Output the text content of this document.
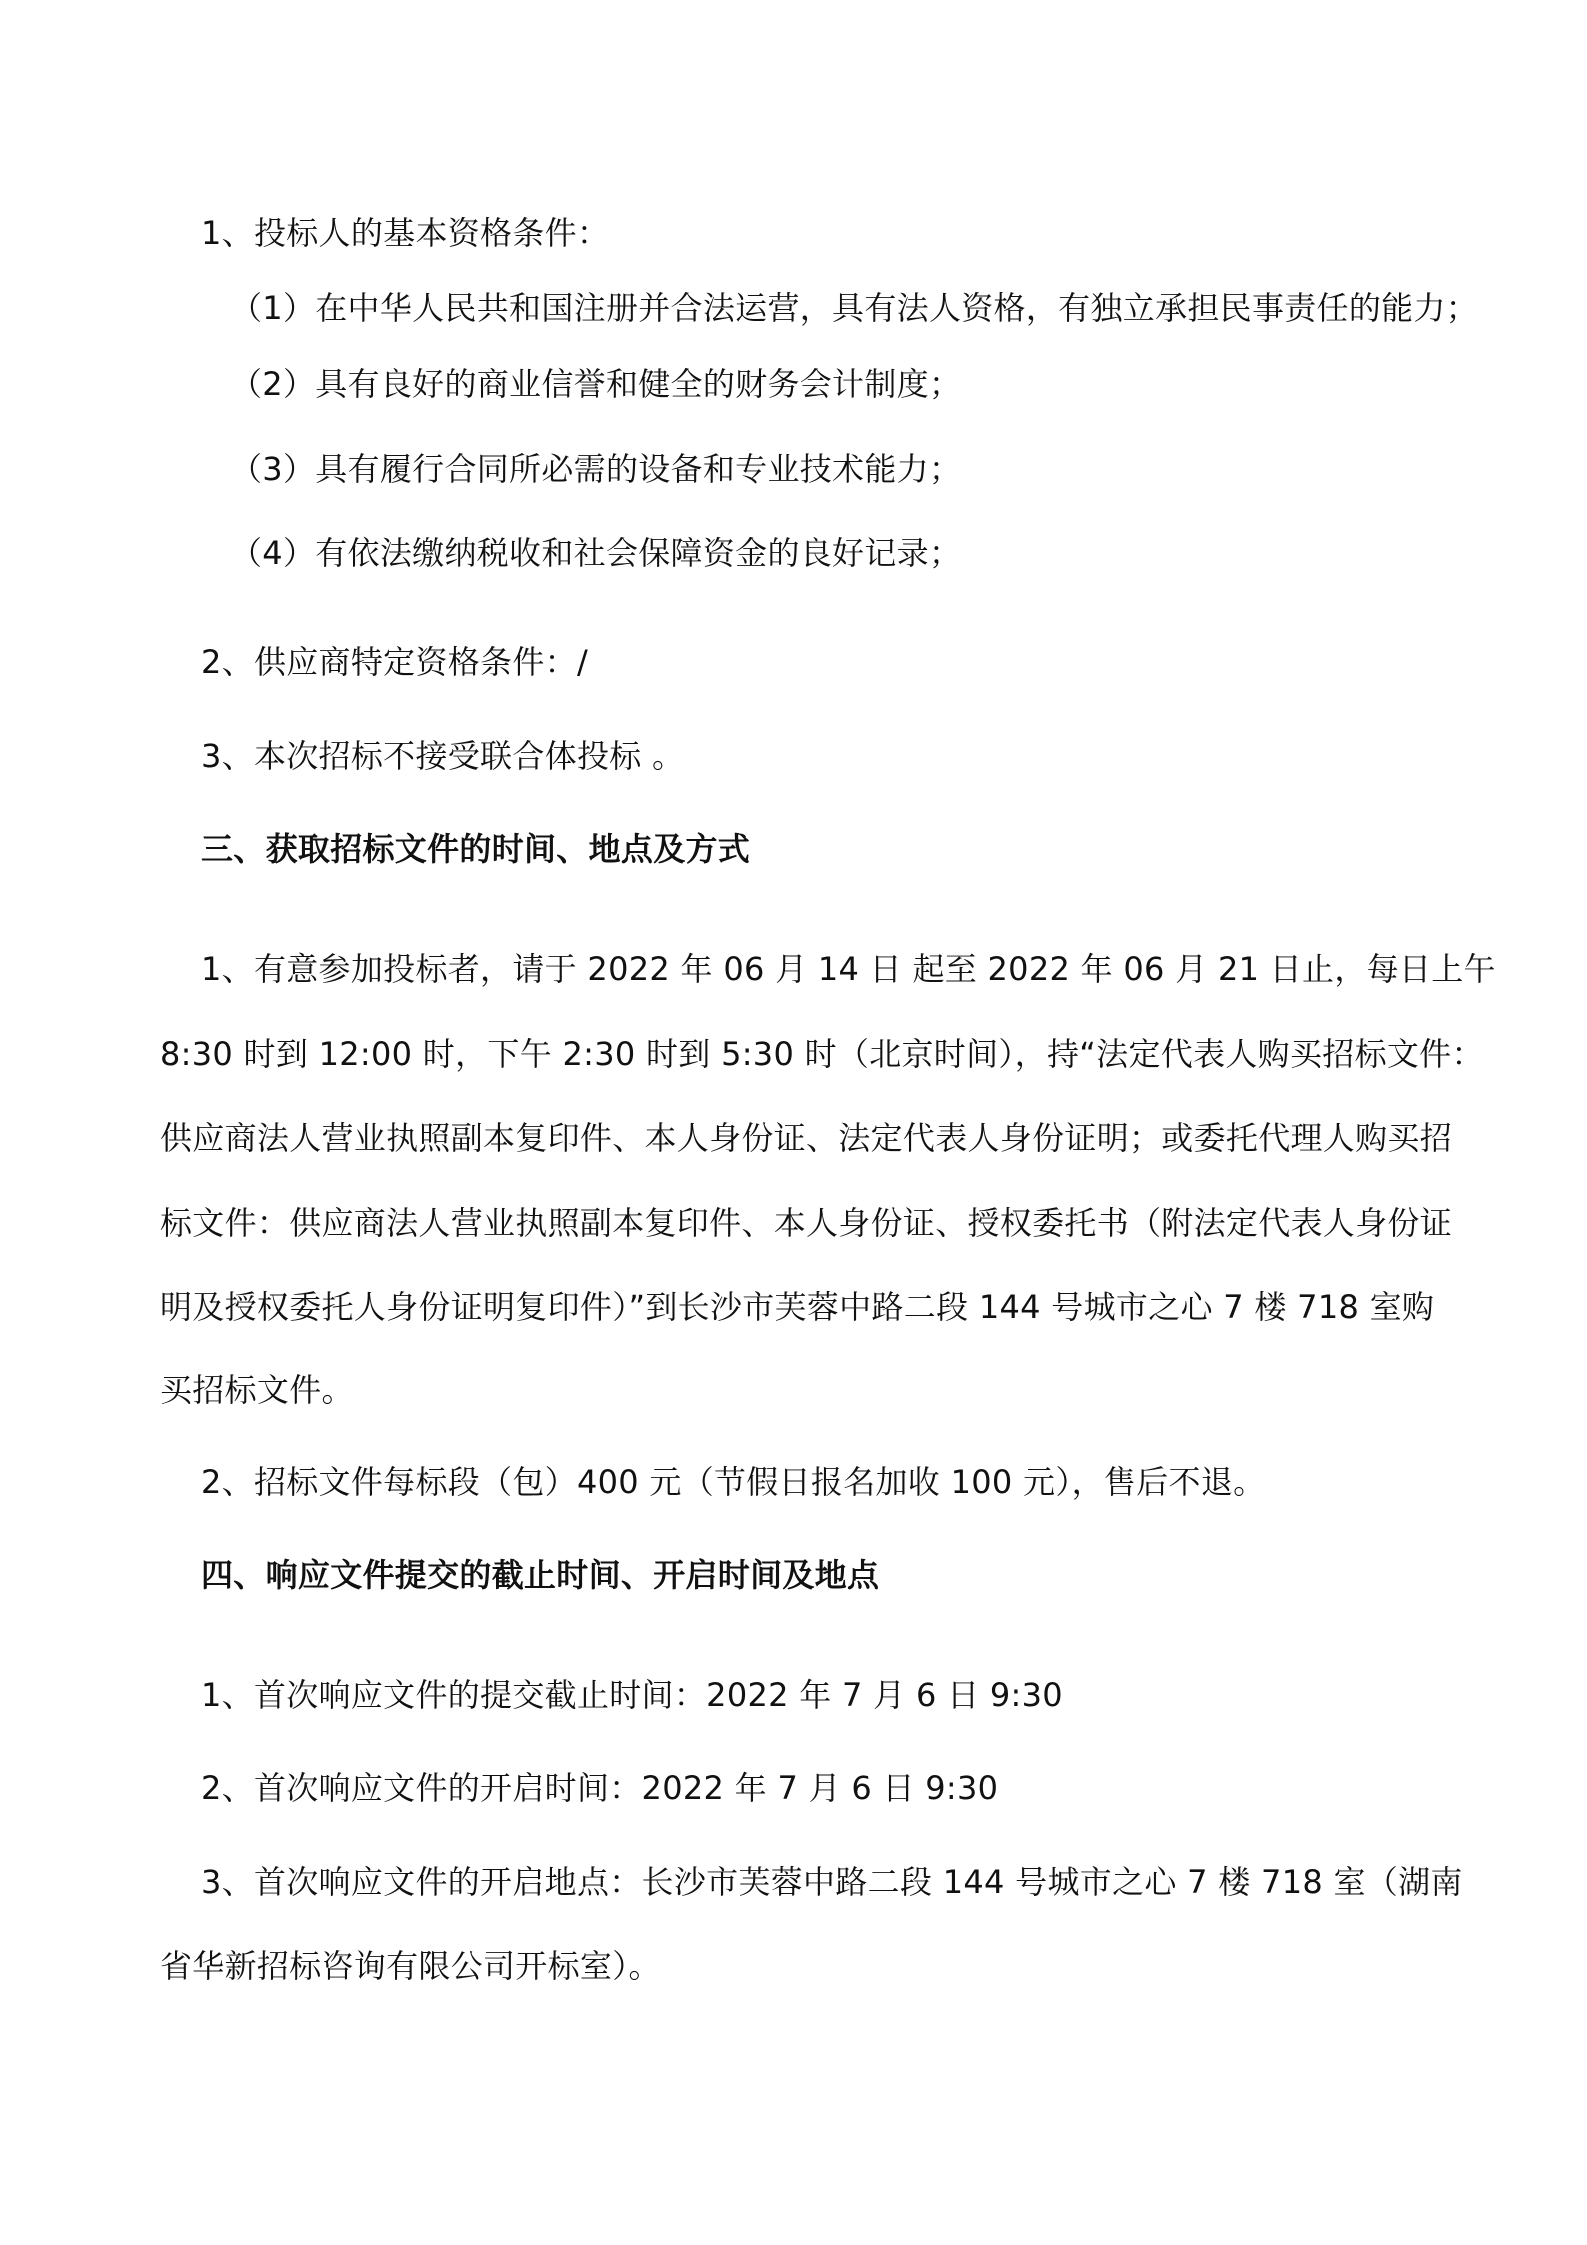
1、投标人的基本资格条件：
（1）在中华人民共和国注册并合法运营，具有法人资格，有独立承担民事责任的能力；
（2）具有良好的商业信誉和健全的财务会计制度；
（3）具有履行合同所必需的设备和专业技术能力；
（4）有依法缴纳税收和社会保障资金的良好记录；
2、供应商特定资格条件：/
3、本次招标不接受联合体投标 。
三、获取招标文件的时间、地点及方式
1、有意参加投标者，请于 2022 年 06 月 14 日 起至 2022 年 06 月 21 日止，每日上午
8:30 时到 12:00 时，下午 2:30 时到 5:30 时（北京时间），持“法定代表人购买招标文件：
供应商法人营业执照副本复印件、本人身份证、法定代表人身份证明；或委托代理人购买招
标文件：供应商法人营业执照副本复印件、本人身份证、授权委托书（附法定代表人身份证
明及授权委托人身份证明复印件）”到长沙市芙蓉中路二段 144 号城市之心 7 楼 718 室购
买招标文件。
2、招标文件每标段（包）400 元（节假日报名加收 100 元），售后不退。
四、响应文件提交的截止时间、开启时间及地点
1、首次响应文件的提交截止时间：2022 年 7 月 6 日 9:30
2、首次响应文件的开启时间：2022 年 7 月 6 日 9:30
3、首次响应文件的开启地点：长沙市芙蓉中路二段 144 号城市之心 7 楼 718 室（湖南
省华新招标咨询有限公司开标室）。
